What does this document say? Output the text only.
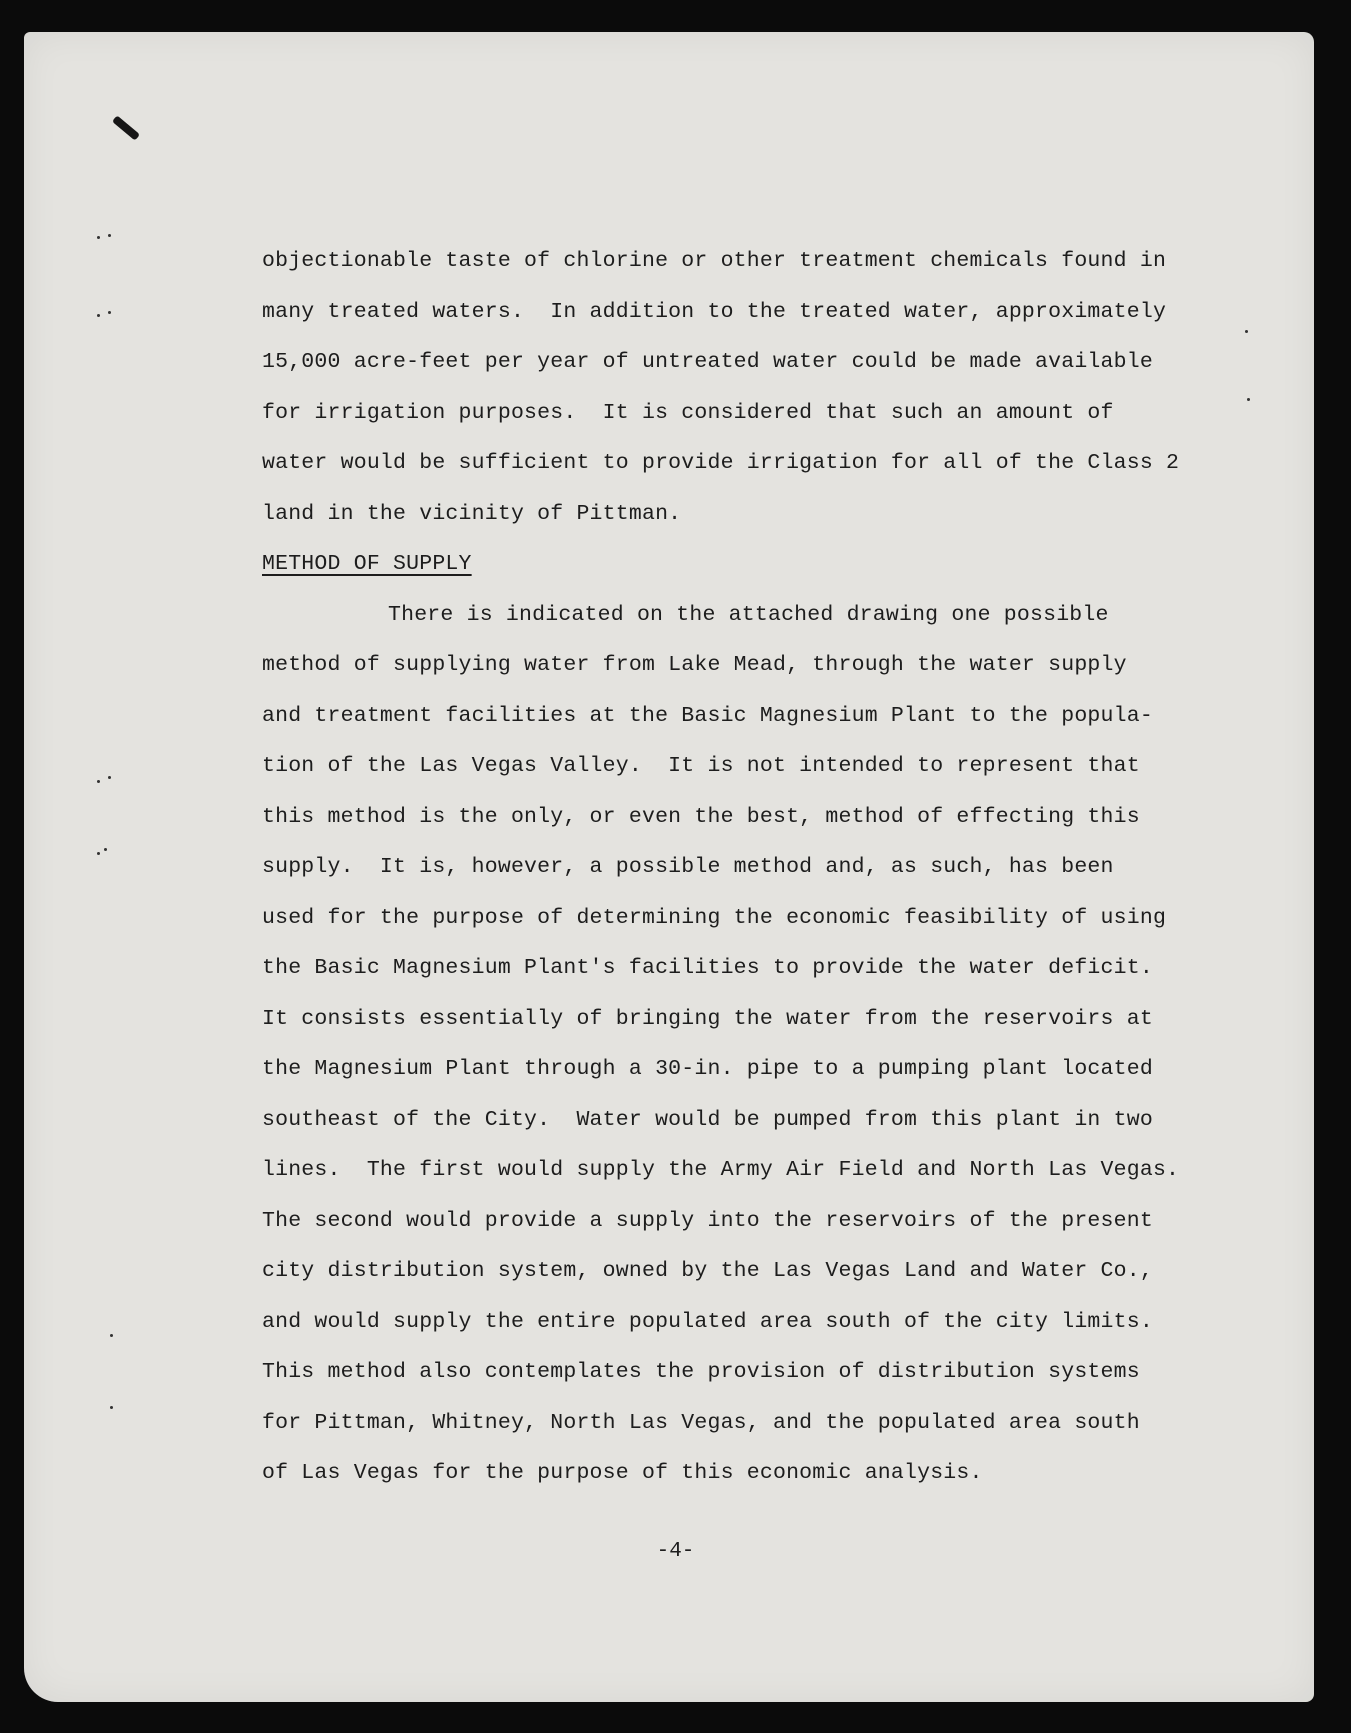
objectionable taste of chlorine or other treatment chemicals found in
many treated waters.  In addition to the treated water, approximately
15,000 acre-feet per year of untreated water could be made available
for irrigation purposes.  It is considered that such an amount of
water would be sufficient to provide irrigation for all of the Class 2
land in the vicinity of Pittman.
METHOD OF SUPPLY
There is indicated on the attached drawing one possible
method of supplying water from Lake Mead, through the water supply
and treatment facilities at the Basic Magnesium Plant to the popula-
tion of the Las Vegas Valley.  It is not intended to represent that
this method is the only, or even the best, method of effecting this
supply.  It is, however, a possible method and, as such, has been
used for the purpose of determining the economic feasibility of using
the Basic Magnesium Plant's facilities to provide the water deficit.
It consists essentially of bringing the water from the reservoirs at
the Magnesium Plant through a 30-in. pipe to a pumping plant located
southeast of the City.  Water would be pumped from this plant in two
lines.  The first would supply the Army Air Field and North Las Vegas.
The second would provide a supply into the reservoirs of the present
city distribution system, owned by the Las Vegas Land and Water Co.,
and would supply the entire populated area south of the city limits.
This method also contemplates the provision of distribution systems
for Pittman, Whitney, North Las Vegas, and the populated area south
of Las Vegas for the purpose of this economic analysis.
-4-
